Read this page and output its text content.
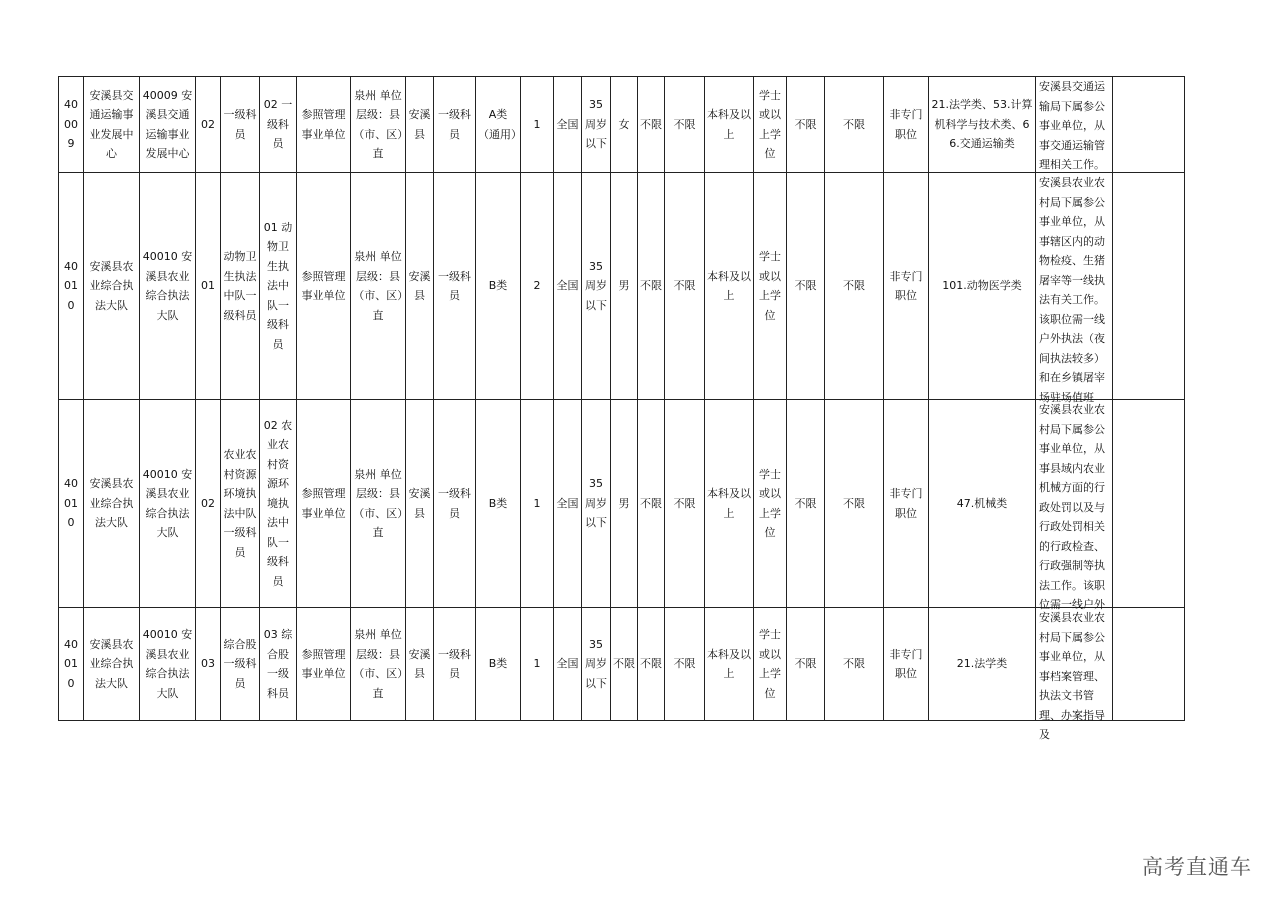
40009	安溪县交通运输事业发展中心	40009 安溪县交通运输事业发展中心	02	一级科员	02 一级科员	参照管理事业单位	泉州 单位层级：县（市、区）直	安溪县	一级科员	A类（通用）	1	全国	35周岁以下	女	不限	不限	本科及以上	学士或以上学位	不限	不限	非专门职位	21.法学类、53.计算机科学与技术类、66.交通运输类	安溪县交通运输局下属参公事业单位，从事交通运输管理相关工作。	

40010	安溪县农业综合执法大队	40010 安溪县农业综合执法大队	01	动物卫生执法中队一级科员	01 动物卫生执法中队一级科员	参照管理事业单位	泉州 单位层级：县（市、区）直	安溪县	一级科员	B类	2	全国	35周岁以下	男	不限	不限	本科及以上	学士或以上学位	不限	不限	非专门职位	101.动物医学类	安溪县农业农村局下属参公事业单位，从事辖区内的动物检疫、生猪屠宰等一线执法有关工作。该职位需一线户外执法（夜间执法较多）和在乡镇屠宰场驻场值班	

40010	安溪县农业综合执法大队	40010 安溪县农业综合执法大队	02	农业农村资源环境执法中队一级科员	02 农业农村资源环境执法中队一级科员	参照管理事业单位	泉州 单位层级：县（市、区）直	安溪县	一级科员	B类	1	全国	35周岁以下	男	不限	不限	本科及以上	学士或以上学位	不限	不限	非专门职位	47.机械类	安溪县农业农村局下属参公事业单位，从事县域内农业机械方面的行政处罚以及与行政处罚相关的行政检查、行政强制等执法工作。该职位需一线户外	

40010	安溪县农业综合执法大队	40010 安溪县农业综合执法大队	03	综合股一级科员	03 综合股一级科员	参照管理事业单位	泉州 单位层级：县（市、区）直	安溪县	一级科员	B类	1	全国	35周岁以下	不限	不限	不限	本科及以上	学士或以上学位	不限	不限	非专门职位	21.法学类	安溪县农业农村局下属参公事业单位，从事档案管理、执法文书管理、办案指导及	

高考直通车
